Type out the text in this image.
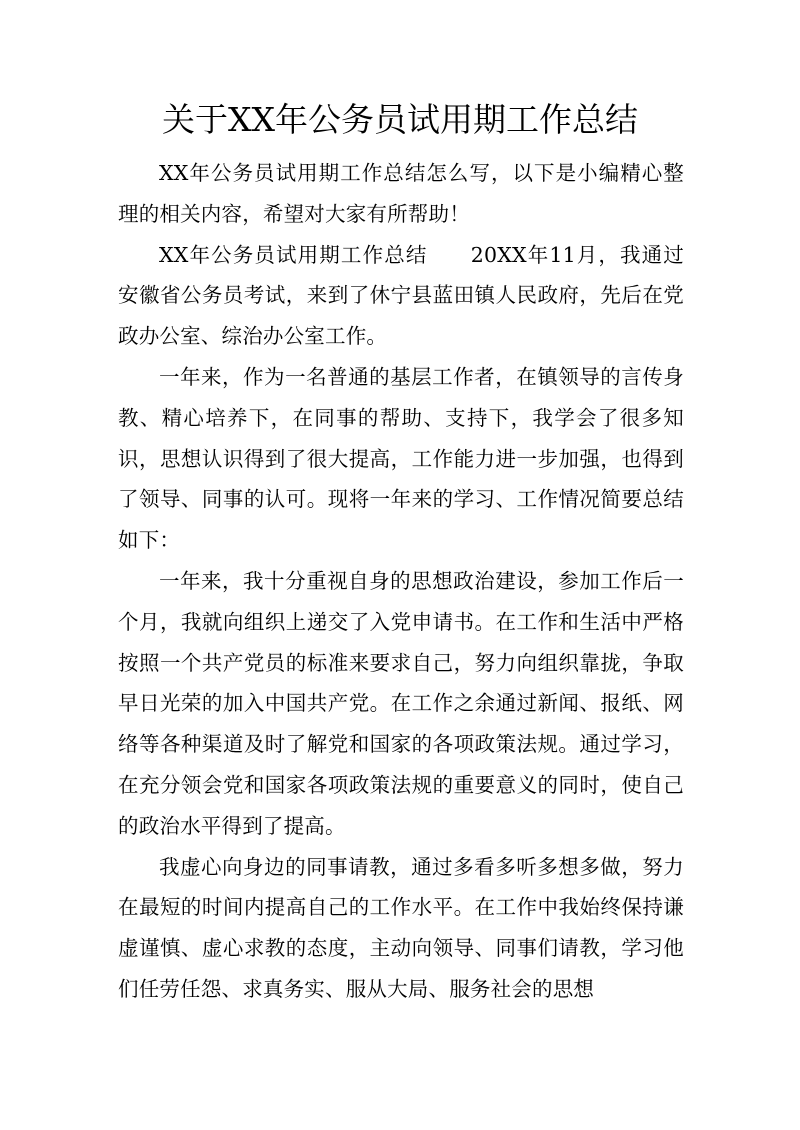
关于XX年公务员试用期工作总结

XX年公务员试用期工作总结怎么写，以下是小编精心整理的相关内容，希望对大家有所帮助！

XX年公务员试用期工作总结　　20XX年11月，我通过安徽省公务员考试，来到了休宁县蓝田镇人民政府，先后在党政办公室、综治办公室工作。

一年来，作为一名普通的基层工作者，在镇领导的言传身教、精心培养下，在同事的帮助、支持下，我学会了很多知识，思想认识得到了很大提高，工作能力进一步加强，也得到了领导、同事的认可。现将一年来的学习、工作情况简要总结如下：

一年来，我十分重视自身的思想政治建设，参加工作后一个月，我就向组织上递交了入党申请书。在工作和生活中严格按照一个共产党员的标准来要求自己，努力向组织靠拢，争取早日光荣的加入中国共产党。在工作之余通过新闻、报纸、网络等各种渠道及时了解党和国家的各项政策法规。通过学习，在充分领会党和国家各项政策法规的重要意义的同时，使自己的政治水平得到了提高。

我虚心向身边的同事请教，通过多看多听多想多做，努力在最短的时间内提高自己的工作水平。在工作中我始终保持谦虚谨慎、虚心求教的态度，主动向领导、同事们请教，学习他们任劳任怨、求真务实、服从大局、服务社会的思想
